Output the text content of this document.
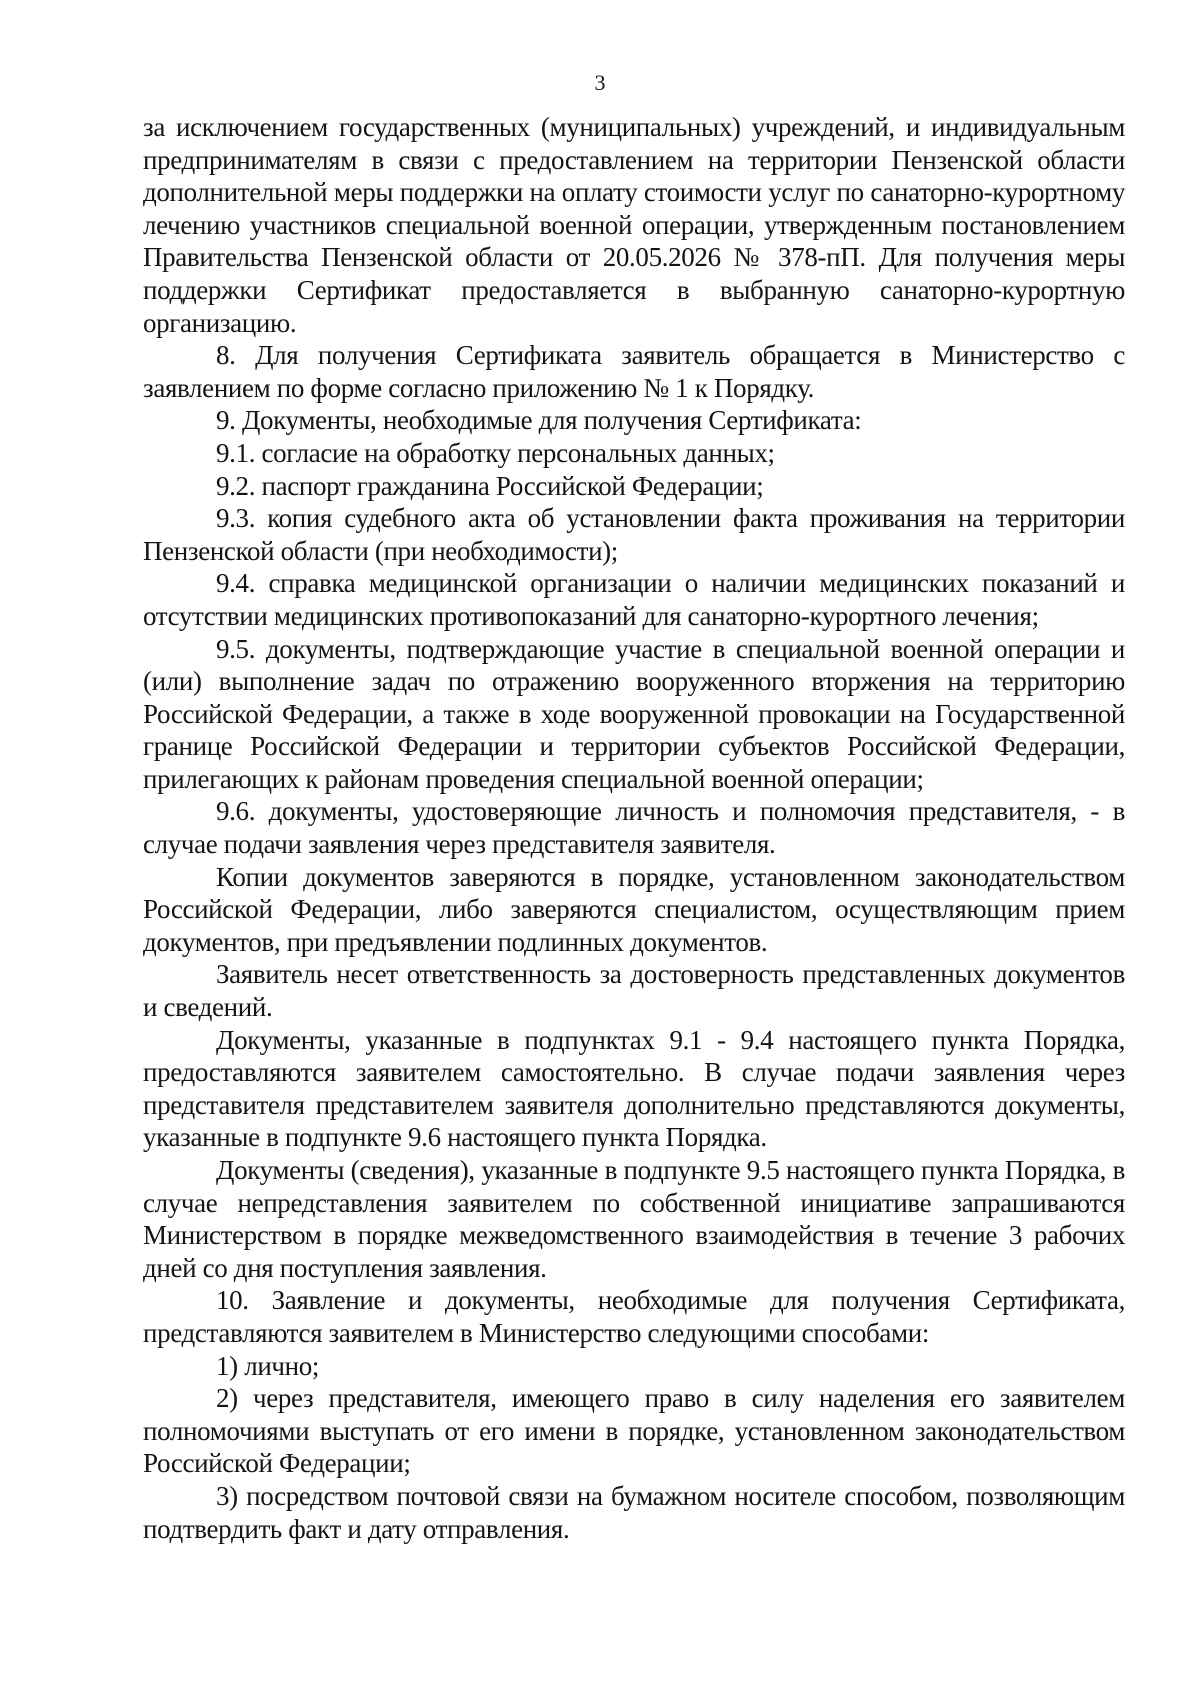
3

за исключением государственных (муниципальных) учреждений, и индивидуальным предпринимателям в связи с предоставлением на территории Пензенской области дополнительной меры поддержки на оплату стоимости услуг по санаторно-курортному лечению участников специальной военной операции, утвержденным постановлением Правительства Пензенской области от 20.05.2026 № 378-пП. Для получения меры поддержки Сертификат предоставляется в выбранную санаторно-курортную организацию.

8. Для получения Сертификата заявитель обращается в Министерство с заявлением по форме согласно приложению № 1 к Порядку.

9. Документы, необходимые для получения Сертификата:

9.1. согласие на обработку персональных данных;

9.2. паспорт гражданина Российской Федерации;

9.3. копия судебного акта об установлении факта проживания на территории Пензенской области (при необходимости);

9.4. справка медицинской организации о наличии медицинских показаний и отсутствии медицинских противопоказаний для санаторно-курортного лечения;

9.5. документы, подтверждающие участие в специальной военной операции и (или) выполнение задач по отражению вооруженного вторжения на территорию Российской Федерации, а также в ходе вооруженной провокации на Государственной границе Российской Федерации и территории субъектов Российской Федерации, прилегающих к районам проведения специальной военной операции;

9.6. документы, удостоверяющие личность и полномочия представителя, - в случае подачи заявления через представителя заявителя.

Копии документов заверяются в порядке, установленном законодательством Российской Федерации, либо заверяются специалистом, осуществляющим прием документов, при предъявлении подлинных документов.

Заявитель несет ответственность за достоверность представленных документов и сведений.

Документы, указанные в подпунктах 9.1 - 9.4 настоящего пункта Порядка, предоставляются заявителем самостоятельно. В случае подачи заявления через представителя представителем заявителя дополнительно представляются документы, указанные в подпункте 9.6 настоящего пункта Порядка.

Документы (сведения), указанные в подпункте 9.5 настоящего пункта Порядка, в случае непредставления заявителем по собственной инициативе запрашиваются Министерством в порядке межведомственного взаимодействия в течение 3 рабочих дней со дня поступления заявления.

10. Заявление и документы, необходимые для получения Сертификата, представляются заявителем в Министерство следующими способами:

1) лично;

2) через представителя, имеющего право в силу наделения его заявителем полномочиями выступать от его имени в порядке, установленном законодательством Российской Федерации;

3) посредством почтовой связи на бумажном носителе способом, позволяющим подтвердить факт и дату отправления.
